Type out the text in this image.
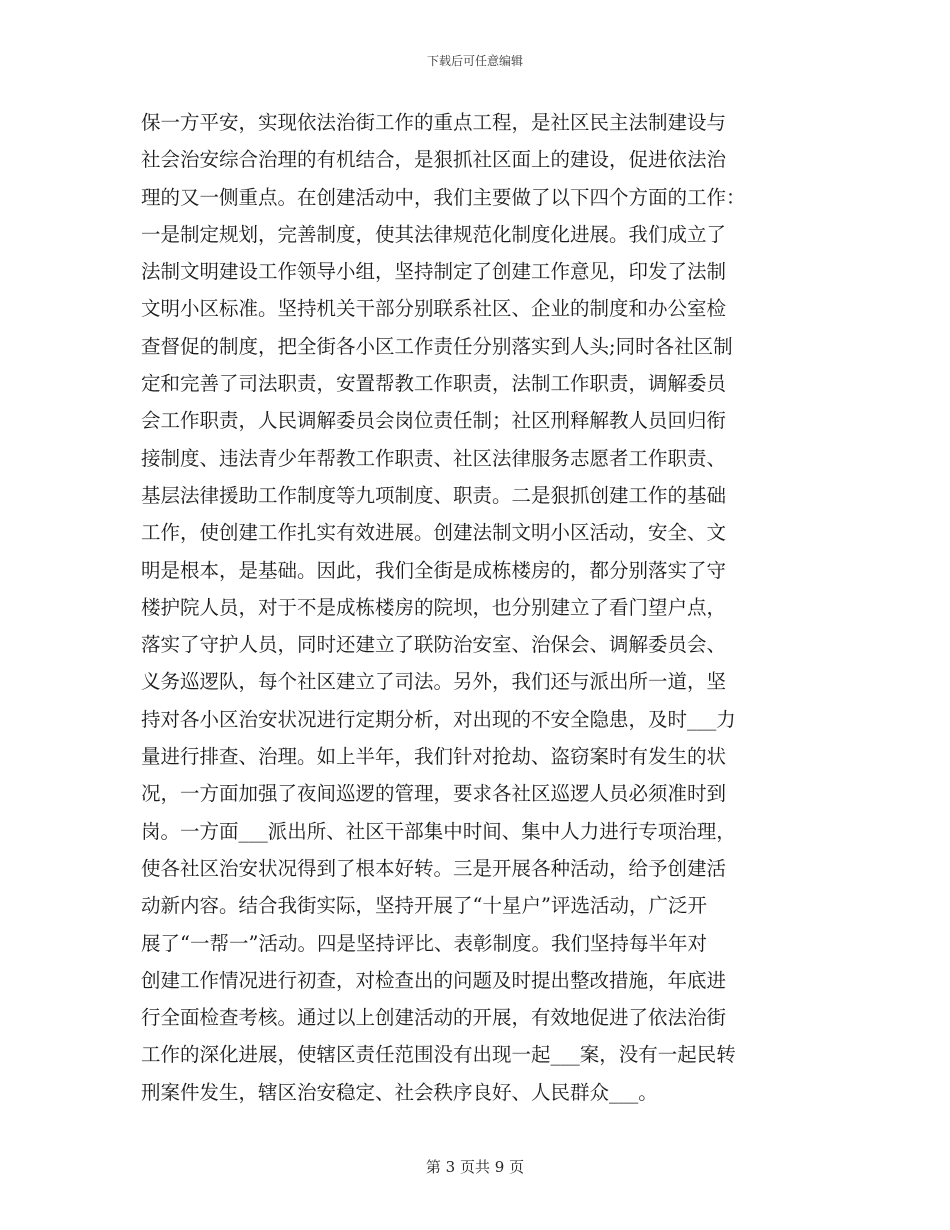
下载后可任意编辑
保一方平安，实现依法治街工作的重点工程，是社区民主法制建设与
社会治安综合治理的有机结合，是狠抓社区面上的建设，促进依法治
理的又一侧重点。在创建活动中，我们主要做了以下四个方面的工作：
一是制定规划，完善制度，使其法律规范化制度化进展。我们成立了
法制文明建设工作领导小组，坚持制定了创建工作意见，印发了法制
文明小区标准。坚持机关干部分别联系社区、企业的制度和办公室检
查督促的制度，把全街各小区工作责任分别落实到人头;同时各社区制
定和完善了司法职责，安置帮教工作职责，法制工作职责，调解委员
会工作职责，人民调解委员会岗位责任制；社区刑释解教人员回归衔
接制度、违法青少年帮教工作职责、社区法律服务志愿者工作职责、
基层法律援助工作制度等九项制度、职责。二是狠抓创建工作的基础
工作，使创建工作扎实有效进展。创建法制文明小区活动，安全、文
明是根本，是基础。因此，我们全街是成栋楼房的，都分别落实了守
楼护院人员，对于不是成栋楼房的院坝，也分别建立了看门望户点，
落实了守护人员，同时还建立了联防治安室、治保会、调解委员会、
义务巡逻队，每个社区建立了司法。另外，我们还与派出所一道，坚
持对各小区治安状况进行定期分析，对出现的不安全隐患，及时___力
量进行排查、治理。如上半年，我们针对抢劫、盗窃案时有发生的状
况，一方面加强了夜间巡逻的管理，要求各社区巡逻人员必须准时到
岗。一方面___派出所、社区干部集中时间、集中人力进行专项治理，
使各社区治安状况得到了根本好转。三是开展各种活动，给予创建活
动新内容。结合我街实际，坚持开展了“十星户”评选活动，广泛开
展了“一帮一”活动。四是坚持评比、表彰制度。我们坚持每半年对
创建工作情况进行初查，对检查出的问题及时提出整改措施，年底进
行全面检查考核。通过以上创建活动的开展，有效地促进了依法治街
工作的深化进展，使辖区责任范围没有出现一起___案，没有一起民转
刑案件发生，辖区治安稳定、社会秩序良好、人民群众___。
第 3 页共 9 页
